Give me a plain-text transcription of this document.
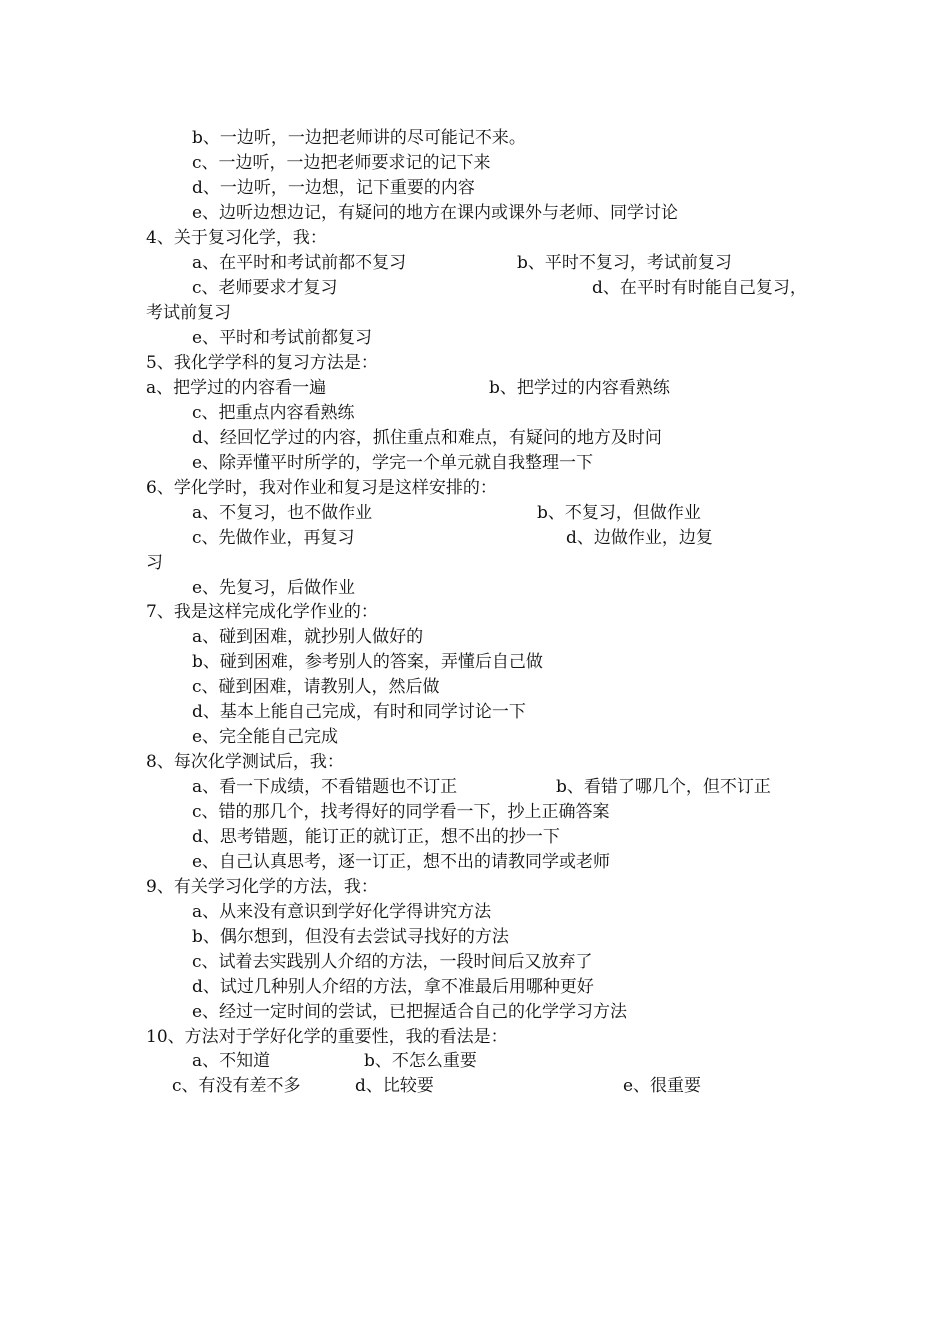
b、一边听，一边把老师讲的尽可能记不来。
c、一边听，一边把老师要求记的记下来
d、一边听，一边想，记下重要的内容
e、边听边想边记，有疑问的地方在课内或课外与老师、同学讨论
4、关于复习化学，我：
a、在平时和考试前都不复习	b、平时不复习，考试前复习
c、老师要求才复习	d、在平时有时能自己复习，
考试前复习
e、平时和考试前都复习
5、我化学学科的复习方法是：
a、把学过的内容看一遍	b、把学过的内容看熟练
c、把重点内容看熟练
d、经回忆学过的内容，抓住重点和难点，有疑问的地方及时问
e、除弄懂平时所学的，学完一个单元就自我整理一下
6、学化学时，我对作业和复习是这样安排的：
a、不复习，也不做作业	b、不复习，但做作业
c、先做作业，再复习	d、边做作业，边复
习
e、先复习，后做作业
7、我是这样完成化学作业的：
a、碰到困难，就抄别人做好的
b、碰到困难，参考别人的答案，弄懂后自己做
c、碰到困难，请教别人，然后做
d、基本上能自己完成，有时和同学讨论一下
e、完全能自己完成
8、每次化学测试后，我：
a、看一下成绩，不看错题也不订正	b、看错了哪几个，但不订正
c、错的那几个，找考得好的同学看一下，抄上正确答案
d、思考错题，能订正的就订正，想不出的抄一下
e、自己认真思考，逐一订正，想不出的请教同学或老师
9、有关学习化学的方法，我：
a、从来没有意识到学好化学得讲究方法
b、偶尔想到，但没有去尝试寻找好的方法
c、试着去实践别人介绍的方法，一段时间后又放弃了
d、试过几种别人介绍的方法，拿不准最后用哪种更好
e、经过一定时间的尝试，已把握适合自己的化学学习方法
10、方法对于学好化学的重要性，我的看法是：
a、不知道	b、不怎么重要
c、有没有差不多	d、比较要	e、很重要
